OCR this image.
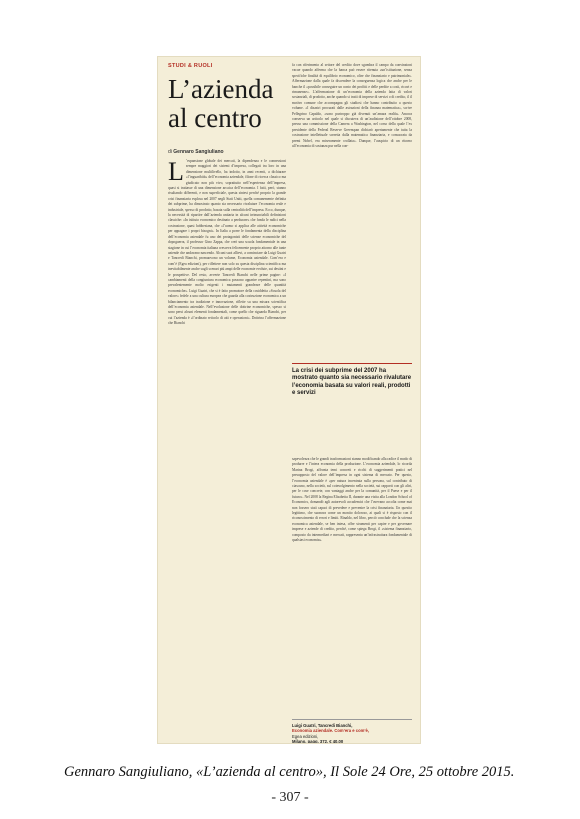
STUDI & RUOLI
L’azienda
al centro
di Gennaro Sangiuliano
L ’espansione globale dei mercati, la dipendenza e le connessioni sempre maggiori dei sistemi d’impresa, collegati tra loro in una dimensione multilivello, ha indotto, in anni recenti, a dichiarare «l’inguaribità» dell’economia aziendale, filone di ricerca classico ma giudicato non più vivo, soprattutto nell’esperienza dell’impresa, quasi si trattasse di una dimensione arcaica dell’economia. I fatti, però, stanno risultando differenti, e non superficiale, questa sintesi perché proprio la grande crisi finanziaria esplosa nel 2007 negli Stati Uniti, quella comunemente definita dei subprime, ha dimostrato quanto sia necessario rivalutare l’economia reale e industriale, spesso di prodotto, basata sulla centralità dell’impresa. Ecco, dunque, la necessità di ripartire dall’azienda unitaria in alcuni irrinunciabili definizioni classiche: «In istituto economico destinato a perdurare» che fonda le radici nella costruzione, quasi hobbesiana, che «l’uomo si applica alle attività economiche per appagare i propri bisogni». In Italia a porre le fondamenta della disciplina dell’economia aziendale fu uno dei protagonisti delle scienze economiche del dopoguerra, il professor Gino Zappa, che creò una scuola fondamentale in una stagione in cui l’economia italiana cresceva felicemente proprio attorno alle tante aziende che andavano nascendo. Alcuni suoi allievi, a cominciare da Luigi Guatri e Tancredi Bianchi, promuovono un volume, Economia aziendale. Com’era e com’è (Egea edizioni), per riflettere non solo su questa disciplina scientifica ma inevitabilmente anche sugli scenari più ampi delle economie evolute, sui destini e le prospettive. Del resto, avverte Tancredi Bianchi nelle prime pagine: «I cambiamenti della congiuntura economica possono apparire repentini, ma sono prevalentemente molto esigenti i mutamenti grandezze delle quantità economiche». Luigi Guatri, che si è fatto promotore della cosiddetta «Scuola del valore» fedele a una cultura europea che guarda alla costruzione economica a un bilanciamento tra tradizione e innovazione, riflette su una misura scientifica dell’economia aziendale. Nell’evoluzione delle dottrine economiche, spesso si sono persi alcuni elementi fondamentali, come quello che riguarda Bianchi, per cui l’azienda è «l’ordinato reticolo di atti e operazioni». Dottrina l’affermazione che Bianchi
fa con riferimento al settore del credito dove sgombra il campo da convinzioni vacue quando afferma che la banca può essere ritenuta «un’istituzione, senza specifiche finalità di equilibrio economico, oltre che finanziario e patrimoniale». Affermazione dalla quale fa discendere la conseguenza logica che anche per le banche il «possibile conseguire un conto dei profitti e delle perdite a costi, ricavi e rimanenze». L’affermazione di un’economia della azienda fatta di valori sostanziali, di prodotto, anche quando si tratti di imprese di servizi o di credito, il il motivo comune che accompagna gli studiosi che hanno contribuito a questo volume. «I disastri procurati dalle astrazioni della finanza matematica», scrive Pellegrino Capaldo, «sono purtroppo già divenuti un’amara realtà». Ancora conserva un articolo nel quale si discuteva di un’audizione dell’ottobre 2008, presso una commissione della Camera a Washington, nel corso della quale l’ex presidente della Federal Reserve Greenspan dichiarò apertamente che tutta la costruzione intellettuale sorretta dalla matematica finanziaria, e consacrata da premi Nobel, era miseramente crollata». Dunque, l’auspicio di un ritorno all’economia di sostanza pur nella con-
La crisi dei subprime del 2007 ha mostrato quanto sia necessario rivalutare l’economia basata su valori reali, prodotti e servizi
sapevolezza che le grandi trasformazioni stanno modificando alla radice il modo di produrre e l’intera economia della produzione. L’economia aziendale, lo ricorda Marina Brogi, affronta temi concreti e ricchi di suggerimenti pratici nel presupposto del valore dell’impresa in ogni sistema di mercato. Per questo, l’economia aziendale è «per natura incentrata sulla persona, sul contributo di ciascuno, nella società, sul coinvolgimento nella società, sui rapporti con gli altri, per le cose concrete, con vantaggi anche per la comunità, per il Paese e per il futuro». Nel 2008 la Regina Elisabetta II, durante una visita alla London School of Economics, domandò agli autorevoli accademici che l’avevano accolta come mai non fossero stati capaci di prevedere e prevenire la crisi finanziaria. Un quesito legittimo, che suonava come un monito doloroso, ai quali si è risposto con il riconoscimento di errori e limiti. Rinaldo, nel libro, perciò conclude che la scienza economica aziendale, se ben intesa, offre strumenti per capire e per governare imprese e aziende di credito, perché, come spiega Brogi, il «sistema finanziario, composto da intermediari e mercati, rappresenta un’infrastruttura fondamentale di qualsiasi economia».
Luigi Guatri, Tancredi Bianchi,
Economia aziendale. Com’era e com’è,
Egea edizioni,
Milano, pagg. 372, € 40,00
Gennaro Sangiuliano, «L’azienda al centro», Il Sole 24 Ore, 25 ottobre 2015.
- 307 -
